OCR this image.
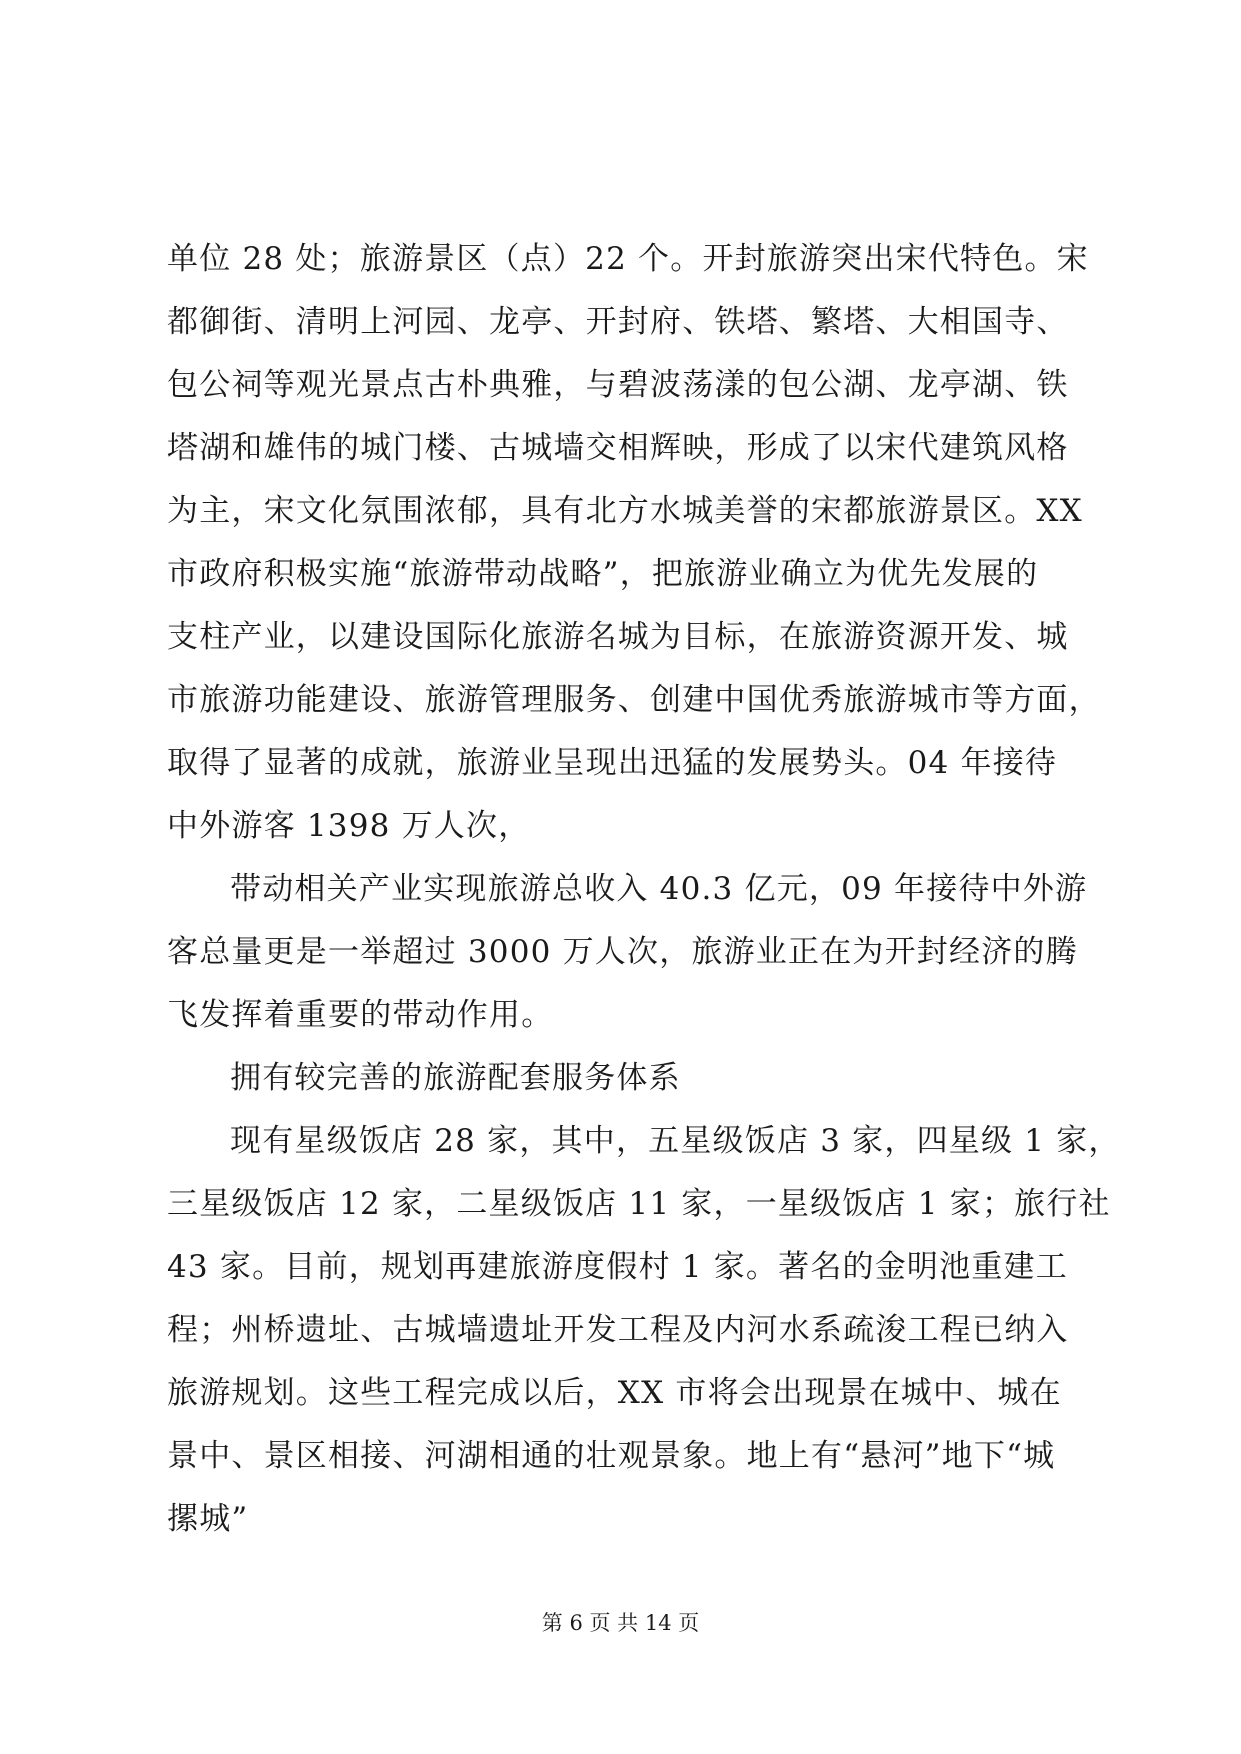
单位 28 处；旅游景区（点）22 个。开封旅游突出宋代特色。宋
都御街、清明上河园、龙亭、开封府、铁塔、繁塔、大相国寺、
包公祠等观光景点古朴典雅，与碧波荡漾的包公湖、龙亭湖、铁
塔湖和雄伟的城门楼、古城墙交相辉映，形成了以宋代建筑风格
为主，宋文化氛围浓郁，具有北方水城美誉的宋都旅游景区。XX
市政府积极实施“旅游带动战略”，把旅游业确立为优先发展的
支柱产业，以建设国际化旅游名城为目标，在旅游资源开发、城
市旅游功能建设、旅游管理服务、创建中国优秀旅游城市等方面，
取得了显著的成就，旅游业呈现出迅猛的发展势头。04 年接待
中外游客 1398 万人次，
带动相关产业实现旅游总收入 40.3 亿元，09 年接待中外游
客总量更是一举超过 3000 万人次，旅游业正在为开封经济的腾
飞发挥着重要的带动作用。
拥有较完善的旅游配套服务体系
现有星级饭店 28 家，其中，五星级饭店 3 家，四星级 1 家，
三星级饭店 12 家，二星级饭店 11 家，一星级饭店 1 家；旅行社
43 家。目前，规划再建旅游度假村 1 家。著名的金明池重建工
程；州桥遗址、古城墙遗址开发工程及内河水系疏浚工程已纳入
旅游规划。这些工程完成以后，XX 市将会出现景在城中、城在
景中、景区相接、河湖相通的壮观景象。地上有“悬河”地下“城
摞城”
第 6 页 共 14 页
